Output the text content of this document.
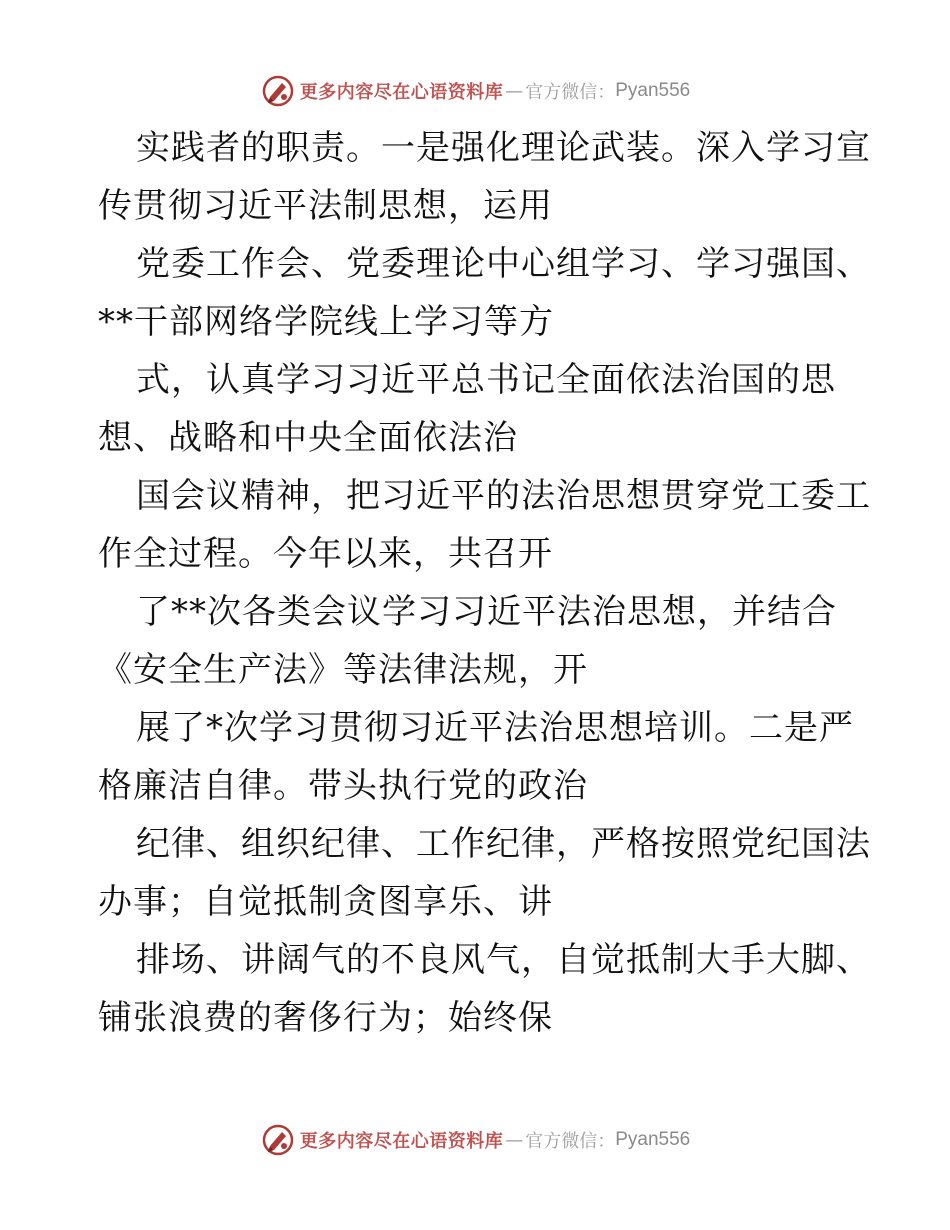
更多内容尽在心语资料库 — 官方微信： Pyan556
实践者的职责。一是强化理论武装。深入学习宣
传贯彻习近平法制思想，运用
党委工作会、党委理论中心组学习、学习强国、
**干部网络学院线上学习等方
式，认真学习习近平总书记全面依法治国的思
想、战略和中央全面依法治
国会议精神，把习近平的法治思想贯穿党工委工
作全过程。今年以来，共召开
了**次各类会议学习习近平法治思想，并结合
《安全生产法》等法律法规，开
展了*次学习贯彻习近平法治思想培训。二是严
格廉洁自律。带头执行党的政治
纪律、组织纪律、工作纪律，严格按照党纪国法
办事；自觉抵制贪图享乐、讲
排场、讲阔气的不良风气，自觉抵制大手大脚、
铺张浪费的奢侈行为；始终保
更多内容尽在心语资料库 — 官方微信： Pyan556
